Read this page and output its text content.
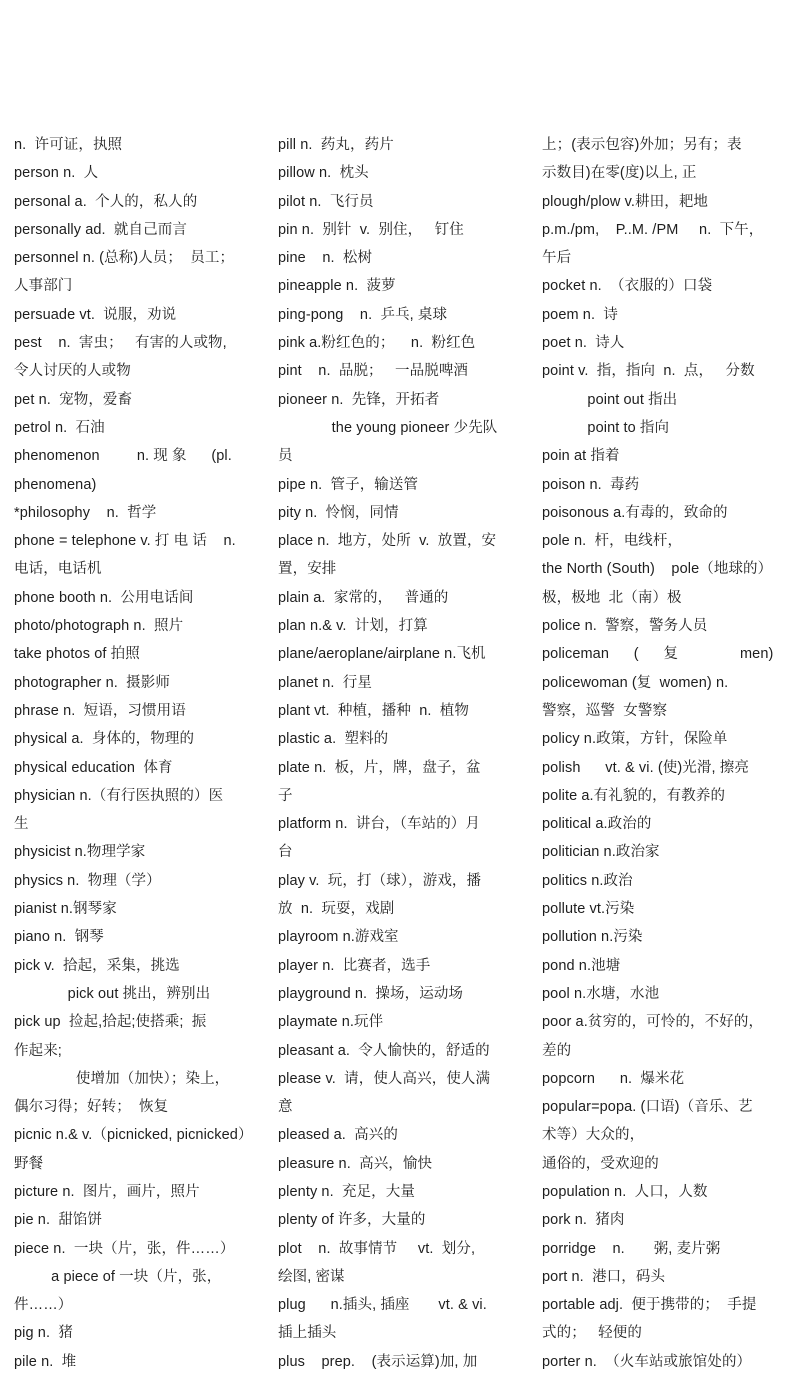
n.  许可证，执照
person n.  人
personal a.  个人的，私人的
personally ad.  就自己而言
personnel n. (总称)人员；  员工；
人事部门
persuade vt.  说服，劝说
pest    n.  害虫；   有害的人或物,
令人讨厌的人或物
pet n.  宠物，爱畜
petrol n.  石油
phenomenon         n. 现 象      (pl.
phenomena)
*philosophy    n.  哲学
phone = telephone v. 打 电 话    n.
电话，电话机
phone booth n.  公用电话间
photo/photograph n.  照片
take photos of 拍照
photographer n.  摄影师
phrase n.  短语，习惯用语
physical a.  身体的，物理的
physical education  体育
physician n.（有行医执照的）医
生
physicist n.物理学家
physics n.  物理（学）
pianist n.钢琴家
piano n.  钢琴
pick v.  拾起，采集，挑选
pick out 挑出，辨别出
pick up  捡起,拾起;使搭乘;  振
作起来;
使增加（加快）；染上，
偶尔习得；好转；  恢复
picnic n.& v.（picnicked, picnicked）
野餐
picture n.  图片，画片，照片
pie n.  甜馅饼
piece n.  一块（片，张，件……）
a piece of 一块（片，张，
件……）
pig n.  猪
pile n.  堆
pill n.  药丸，药片
pillow n.  枕头
pilot n.  飞行员
pin n.  别针  v.  别住，   钉住
pine    n.  松树
pineapple n.  菠萝
ping-pong    n.  乒乓, 桌球
pink a.粉红色的；    n.  粉红色
pint    n.  品脱；   一品脱啤酒
pioneer n.  先锋，开拓者
the young pioneer 少先队
员
pipe n.  管子，输送管
pity n.  怜悯，同情
place n.  地方，处所  v.  放置，安
置，安排
plain a.  家常的，   普通的
plan n.& v.  计划，打算
plane/aeroplane/airplane n.飞机
planet n.  行星
plant vt.  种植，播种  n.  植物
plastic a.  塑料的
plate n.  板，片，牌，盘子，盆
子
platform n.  讲台，（车站的）月
台
play v.  玩，打（球），游戏，播
放  n.  玩耍，戏剧
playroom n.游戏室
player n.  比赛者，选手
playground n.  操场，运动场
playmate n.玩伴
pleasant a.  令人愉快的，舒适的
please v.  请，使人高兴，使人满
意
pleased a.  高兴的
pleasure n.  高兴，愉快
plenty n.  充足，大量
plenty of 许多，大量的
plot    n.  故事情节     vt.  划分,
绘图, 密谋
plug      n.插头, 插座       vt. & vi.
插上插头
plus    prep.    (表示运算)加, 加
上；(表示包容)外加；另有；表
示数目)在零(度)以上, 正
plough/plow v.耕田，耙地
p.m./pm,    P..M. /PM     n.  下午，
午后
pocket n.  （衣服的）口袋
poem n.  诗
poet n.  诗人
point v.  指，指向  n.  点，   分数
point out 指出
point to 指向
poin at 指着
poison n.  毒药
poisonous a.有毒的，致命的
pole n.  杆，电线杆，
the North (South)    pole（地球的）
极，极地  北（南）极
police n.  警察，警务人员
policeman      (      复               men)
policewoman (复  women) n.
警察，巡警  女警察
policy n.政策，方针，保险单
polish      vt. & vi. (使)光滑, 擦亮
polite a.有礼貌的，有教养的
political a.政治的
politician n.政治家
politics n.政治
pollute vt.污染
pollution n.污染
pond n.池塘
pool n.水塘，水池
poor a.贫穷的，可怜的，不好的，
差的
popcorn      n.  爆米花
popular=popa. (口语)（音乐、艺
术等）大众的，
通俗的，受欢迎的
population n.  人口，人数
pork n.  猪肉
porridge    n.       粥, 麦片粥
port n.  港口，码头
portable adj.  便于携带的；  手提
式的；   轻便的
porter n.  （火车站或旅馆处的）
